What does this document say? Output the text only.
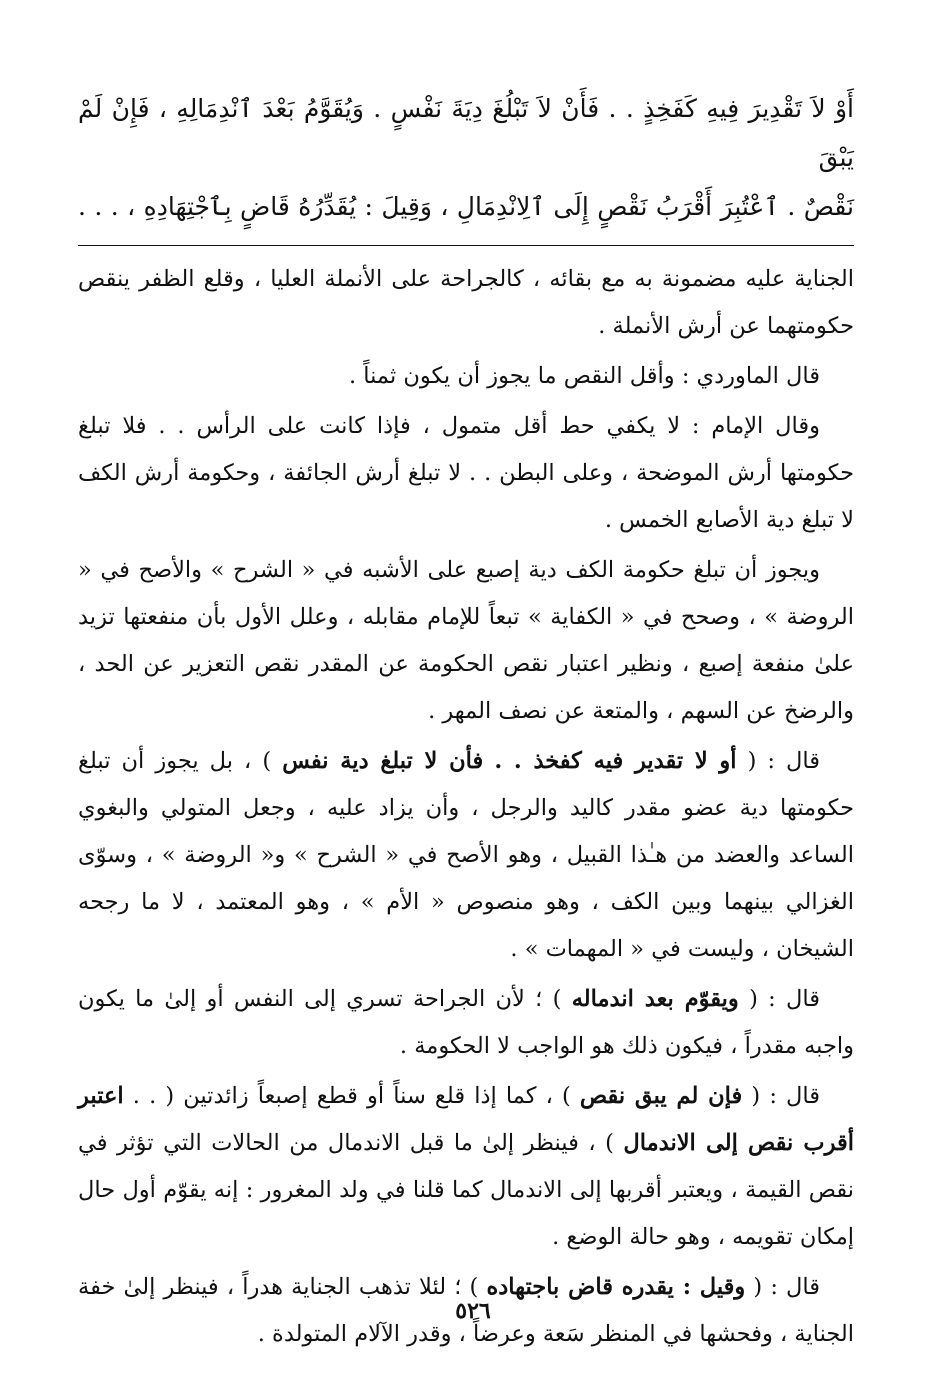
أَوْ لاَ تَقْدِيرَ فِيهِ كَفَخِذٍ . . فَأَنْ لاَ تَبْلُغَ دِيَةَ نَفْسٍ . وَيُقَوَّمُ بَعْدَ ٱنْدِمَالِهِ ، فَإِنْ لَمْ يَبْقَ
نَقْصٌ . ٱعْتُبِرَ أَقْرَبُ نَقْصٍ إِلَى ٱلِانْدِمَالِ ، وَقِيلَ : يُقَدِّرُهُ قَاضٍ بِٱجْتِهَادِهِ ، . . .

الجناية عليه مضمونة به مع بقائه ، كالجراحة على الأنملة العليا ، وقلع الظفر ينقص حكومتهما عن أرش الأنملة .

قال الماوردي : وأقل النقص ما يجوز أن يكون ثمناً .

وقال الإمام : لا يكفي حط أقل متمول ، فإذا كانت على الرأس . . فلا تبلغ حكومتها أرش الموضحة ، وعلى البطن . . لا تبلغ أرش الجائفة ، وحكومة أرش الكف لا تبلغ دية الأصابع الخمس .

ويجوز أن تبلغ حكومة الكف دية إصبع على الأشبه في « الشرح » والأصح في « الروضة » ، وصحح في « الكفاية » تبعاً للإمام مقابله ، وعلل الأول بأن منفعتها تزيد علىٰ منفعة إصبع ، ونظير اعتبار نقص الحكومة عن المقدر نقص التعزير عن الحد ، والرضخ عن السهم ، والمتعة عن نصف المهر .

قال : ( أو لا تقدير فيه كفخذ . . فأن لا تبلغ دية نفس ) ، بل يجوز أن تبلغ حكومتها دية عضو مقدر كاليد والرجل ، وأن يزاد عليه ، وجعل المتولي والبغوي الساعد والعضد من هـٰذا القبيل ، وهو الأصح في « الشرح » و« الروضة » ، وسوّى الغزالي بينهما وبين الكف ، وهو منصوص « الأم » ، وهو المعتمد ، لا ما رجحه الشيخان ، وليست في « المهمات » .

قال : ( ويقوّم بعد اندماله ) ؛ لأن الجراحة تسري إلى النفس أو إلىٰ ما يكون واجبه مقدراً ، فيكون ذلك هو الواجب لا الحكومة .

قال : ( فإن لم يبق نقص ) ، كما إذا قلع سناً أو قطع إصبعاً زائدتين ( . . اعتبر أقرب نقص إلى الاندمال ) ، فينظر إلىٰ ما قبل الاندمال من الحالات التي تؤثر في نقص القيمة ، ويعتبر أقربها إلى الاندمال كما قلنا في ولد المغرور : إنه يقوّم أول حال إمكان تقويمه ، وهو حالة الوضع .

قال : ( وقيل : يقدره قاض باجتهاده ) ؛ لئلا تذهب الجناية هدراً ، فينظر إلىٰ خفة الجناية ، وفحشها في المنظر سَعة وعرضاً ، وقدر الآلام المتولدة .

٥٢٦
